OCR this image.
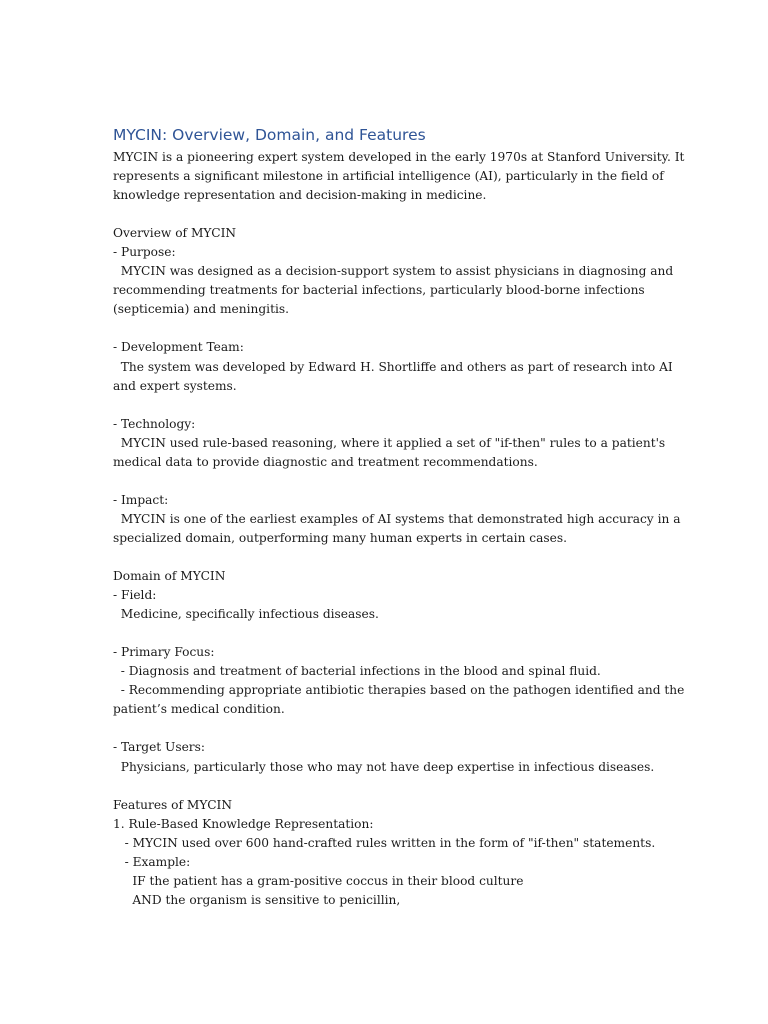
MYCIN: Overview, Domain, and Features
MYCIN is a pioneering expert system developed in the early 1970s at Stanford University. It
represents a significant milestone in artificial intelligence (AI), particularly in the field of
knowledge representation and decision-making in medicine.
Overview of MYCIN
- Purpose:
MYCIN was designed as a decision-support system to assist physicians in diagnosing and
recommending treatments for bacterial infections, particularly blood-borne infections
(septicemia) and meningitis.
- Development Team:
The system was developed by Edward H. Shortliffe and others as part of research into AI
and expert systems.
- Technology:
MYCIN used rule-based reasoning, where it applied a set of "if-then" rules to a patient's
medical data to provide diagnostic and treatment recommendations.
- Impact:
MYCIN is one of the earliest examples of AI systems that demonstrated high accuracy in a
specialized domain, outperforming many human experts in certain cases.
Domain of MYCIN
- Field:
Medicine, specifically infectious diseases.
- Primary Focus:
- Diagnosis and treatment of bacterial infections in the blood and spinal fluid.
- Recommending appropriate antibiotic therapies based on the pathogen identified and the
patient’s medical condition.
- Target Users:
Physicians, particularly those who may not have deep expertise in infectious diseases.
Features of MYCIN
1. Rule-Based Knowledge Representation:
- MYCIN used over 600 hand-crafted rules written in the form of "if-then" statements.
- Example:
IF the patient has a gram-positive coccus in their blood culture
AND the organism is sensitive to penicillin,
